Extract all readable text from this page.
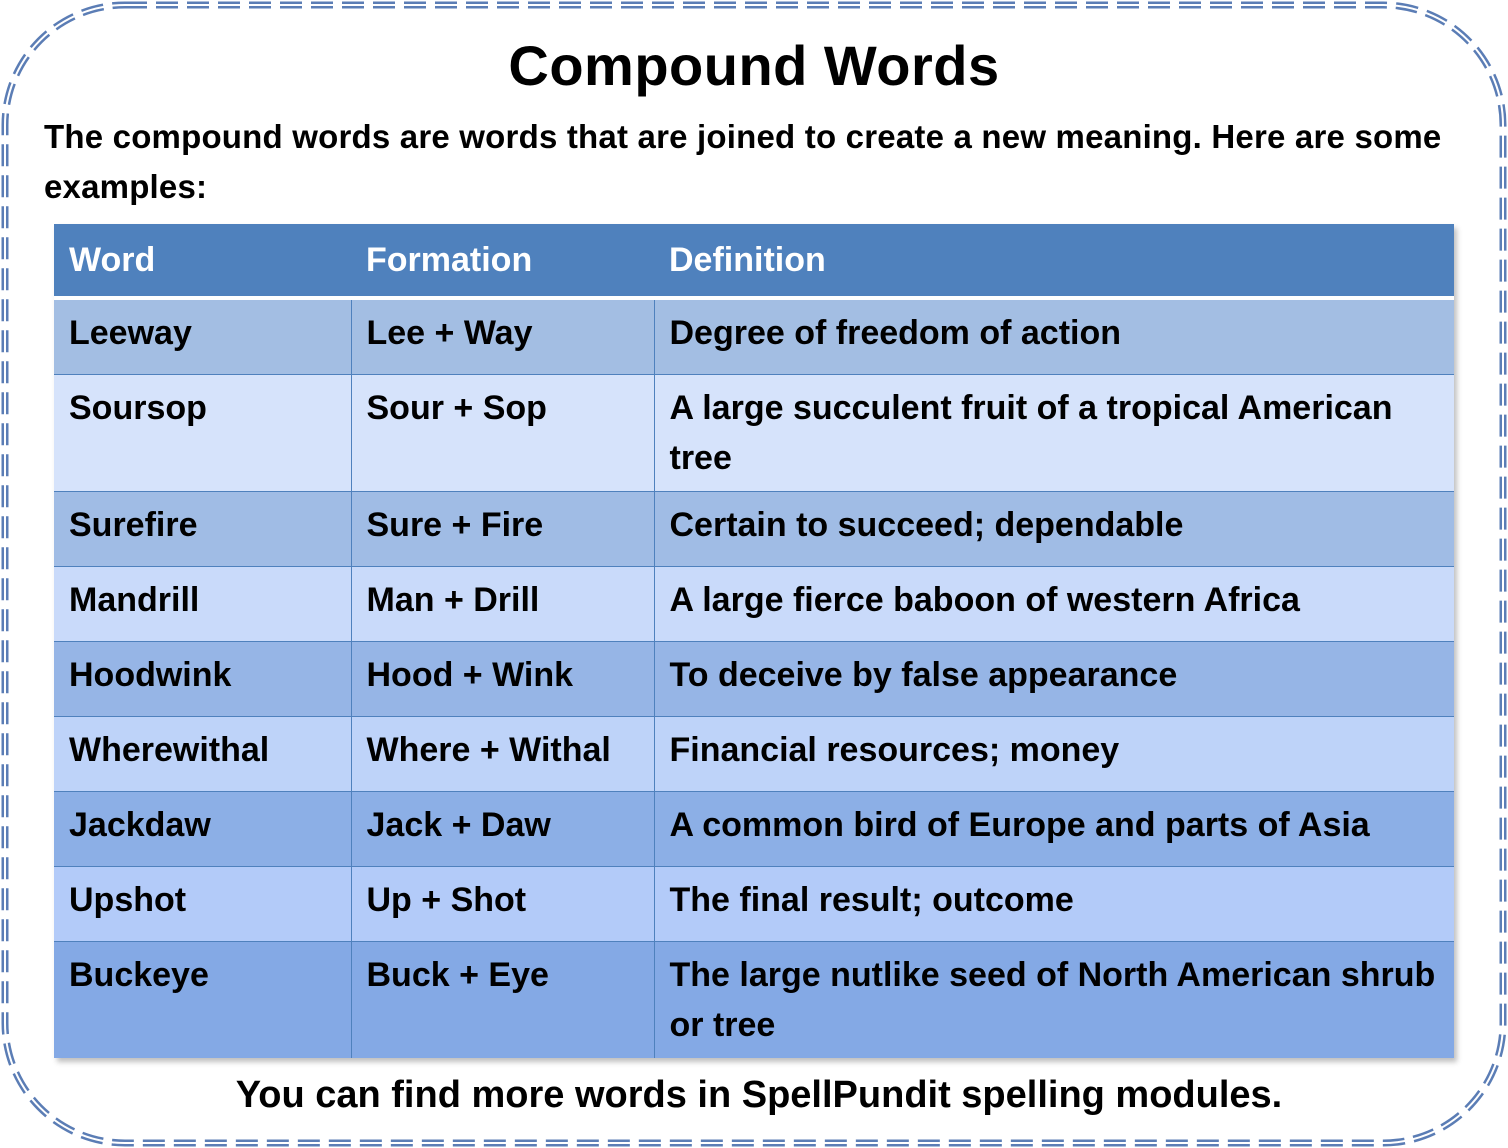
Compound Words
The compound words are words that are joined to create a new meaning. Here are some examples:
Word	Formation	Definition
Leeway	Lee + Way	Degree of freedom of action
Soursop	Sour + Sop	A large succulent fruit of a tropical American tree
Surefire	Sure + Fire	Certain to succeed; dependable
Mandrill	Man + Drill	A large fierce baboon of western Africa
Hoodwink	Hood + Wink	To deceive by false appearance
Wherewithal	Where + Withal	Financial resources; money
Jackdaw	Jack + Daw	A common bird of Europe and parts of Asia
Upshot	Up + Shot	The final result; outcome
Buckeye	Buck + Eye	The large nutlike seed of North American shrub or tree
You can find more words in SpellPundit spelling modules.
